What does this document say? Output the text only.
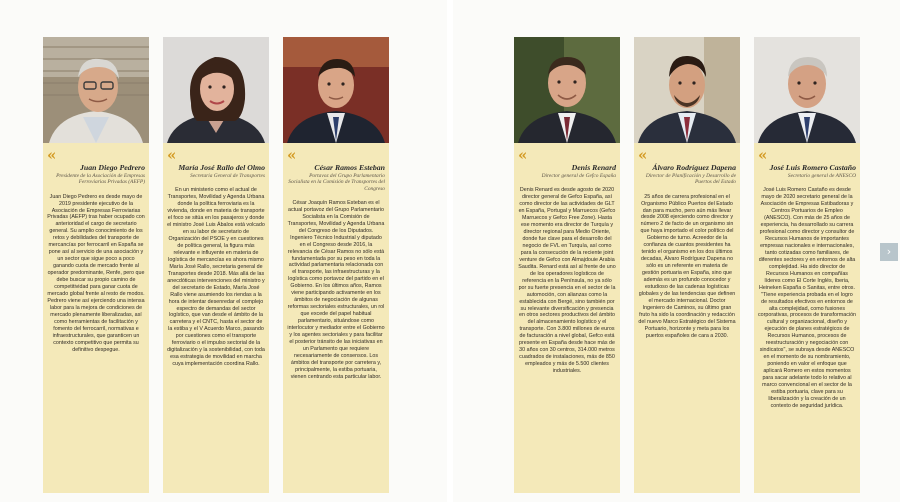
«
Juan Diego Pedrero
Presidente de la Asociación de Empresas Ferroviarias Privadas (AEFP)
Juan Diego Pedrero es desde mayo de 2019 presidente ejecutivo de la Asociación de Empresas Ferroviarias Privadas (AEFP) tras haber ocupado con anterioridad el cargo de secretario general. Su amplio conocimiento de los retos y debilidades del transporte de mercancías por ferrocarril en España se pone así al servicio de una asociación y un sector que sigue poco a poco ganando cuota de mercado frente al operador predominante, Renfe, pero que debe buscar su propio camino de competitividad para ganar cuota de mercado global frente al resto de modos. Pedrero viene así ejerciendo una intensa labor para la mejora de condiciones de mercado plenamente liberalizadas, así como herramientas de facilitación y fomento del ferrocarril, normativas e infraestructurales, que garanticen un contexto competitivo que permita su definitivo despegue.
«
María José Rallo del Olmo
Secretaria General de Transportes
En un ministerio como el actual de Transportes, Movilidad y Agenda Urbana donde la política ferroviaria es la vivienda, donde en materia de transporte el foco se sitúa en los pasajeros y donde el ministro José Luis Ábalos está volcado en su labor de secretario de Organización del PSOE y en cuestiones de política general, la figura más relevante e influyente en materia de logística de mercancías es ahora mismo María José Rallo, secretaria general de Transportes desde 2018. Más allá de las anecdóticas intervenciones del ministro y del secretario de Estado, María José Rallo viene asumiendo los riendas a la hora de intentar desenredar el complejo espectro de demandas del sector logístico, que van desde el ámbito de la carretera y el CNTC, hasta el sector de la estiba y el V Acuerdo Marco, pasando por cuestiones como el transporte ferroviario o el impulso sectorial de la digitalización y la sostenibilidad, con toda esa estrategia de movilidad en marcha cuya implementación coordina Rallo.
«
César Ramos Esteban
Portavoz del Grupo Parlamentario Socialista en la Comisión de Transportes del Congreso
César Joaquín Ramos Esteban es el actual portavoz del Grupo Parlamentario Socialista en la Comisión de Transportes, Movilidad y Agenda Urbana del Congreso de los Diputados. Ingeniero Técnico Industrial y diputado en el Congreso desde 2016, la relevancia de César Ramos no sólo está fundamentada por su peso en toda la actividad parlamentaria relacionada con el transporte, las infraestructuras y la logística como portavoz del partido en el Gobierno. En los últimos años, Ramos viene participando activamente en los ámbitos de negociación de algunas reformas sectoriales estructurales, un rol que excede del papel habitual parlamentario, situándose como interlocutor y mediador entre el Gobierno y los agentes sectoriales y para facilitar el posterior tránsito de las iniciativas en un Parlamento que requiere necesariamente de consensos. Los ámbitos del transporte por carretera y, principalmente, la estiba portuaria, vienen centrando esta particular labor.
«
Denis Renard
Director general de Gefco España
Denis Renard es desde agosto de 2020 director general de Gefco España, así como director de las actividades de GLT en España, Portugal y Marruecos (Gefco Marruecos y Gefco Free Zone). Hasta ese momento era director de Turquía y director regional para Medio Oriente, donde fue clave para el desarrollo del negocio de FVL en Turquía, así como para la consecución de la reciente joint venture de Gefco con Almajdouie Arabia Saudita. Renard está así al frente de uno de los operadores logísticos de referencia en la Península, no ya sólo por su fuerte presencia en el sector de la automoción, con alianzas como la establecida con Bergé, sino también por su relevante diversificación y presencia en otros sectores productivos del ámbito del almacenamiento logístico y el transporte. Con 3.800 millones de euros de facturación a nivel global, Gefco está presente en España desde hace más de 30 años con 30 centros, 314.000 metros cuadrados de instalaciones, más de 850 empleados y más de 5.500 clientes industriales.
«
Álvaro Rodríguez Dapena
Director de Planificación y Desarrollo de Puertos del Estado
25 años de carrera profesional en el Organismo Público Puertos del Estado dan para mucho, pero aún más llevar desde 2008 ejerciendo como director y número 2 de facto de un organismo sin que haya importado el color político del Gobierno de turno. Acreedor de la confianza de cuantos presidentes ha tenido el organismo en los dos últimos decadas, Álvaro Rodríguez Dapena no sólo es un referente en materia de gestión portuaria en España, sino que además es un profundo conocedor y estudioso de las cadenas logísticas globales y de las tendencias que definen el mercado internacional. Doctor Ingeniero de Caminos, su último gran fruto ha sido la coordinación y redacción del nuevo Marco Estratégico del Sistema Portuario, horizonte y meta para los puertos españoles de cara a 2030.
«
José Luis Romero Castaño
Secretario general de ANESCO
José Luis Romero Castaño es desde mayo de 2020 secretario general de la Asociación de Empresas Estibadoras y Centros Portuarios de Empleo (ANESCO). Con más de 25 años de experiencia, ha desarrollado su carrera profesional como director y consultor de Recursos Humanos de importantes empresas nacionales e internacionales, tanto cotizadas como familiares, de diferentes sectores y en entornos de alta complejidad. Ha sido director de Recursos Humanos en compañías líderes como El Corte Inglés, Iberia, Heineken España o Sanitas, entre otros. "Tiene experiencia probada en el logro de resultados efectivos en entornos de alta complejidad, como fusiones corporativas, procesos de transformación cultural y organizacional, diseño y ejecución de planes estratégicos de Recursos Humanos, procesos de reestructuración y negociación con sindicatos", se subraya desde ANESCO en el momento de su nombramiento, poniendo en valor el enfoque que aplicará Romero en estos momentos para sacar adelante todo lo relativo al marco convencional en el sector de la estiba portuaria, clave para su liberalización y la creación de un contexto de seguridad jurídica.
›
